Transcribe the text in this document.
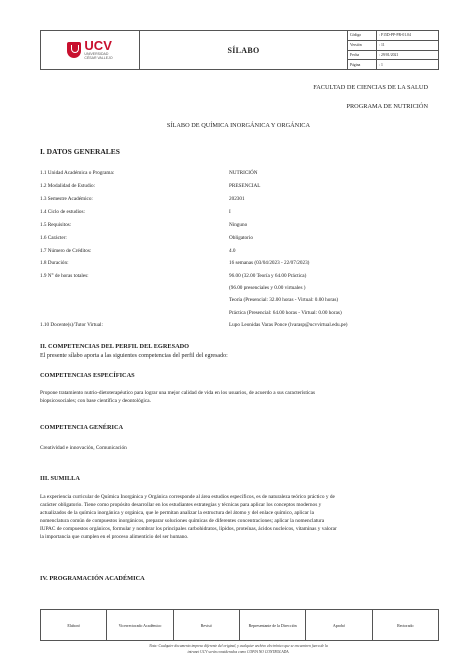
UCV
UNIVERSIDAD
CÉSAR VALLEJO
SÍLABO
Código	: F15D-PP-PR-01.04
Versión	: 11
Fecha	: 29/01/2021
Página	: 1
FACULTAD DE CIENCIAS DE LA SALUD
PROGRAMA DE NUTRICIÓN
SÍLABO DE QUÍMICA INORGÁNICA Y ORGÁNICA
I. DATOS GENERALES
1.1 Unidad Académica o Programa:	NUTRICIÓN
1.2 Modalidad de Estudio:	PRESENCIAL
1.3 Semestre Académico:	202301
1.4 Ciclo de estudios:	I
1.5 Requisitos:	Ninguno
1.6 Carácter:	Obligatorio
1.7 Número de Créditos:	4.0
1.8 Duración:	16 semanas (03/04/2023 - 22/07/2023)
1.9 N° de horas totales:	96.00 (32.00 Teoría y 64.00 Práctica)
(96.00 presenciales y 0.00 virtuales )
Teoría (Presencial: 32.00 horas - Virtual: 0.00 horas)
Práctica (Presencial: 64.00 horas - Virtual: 0.00 horas)
1.10 Docente(s)/Tutor Virtual:	Lupo Leonidas Varas Ponce (lvarasp@ucvvirtual.edu.pe)
II. COMPETENCIAS DEL PERFIL DEL EGRESADO
El presente sílabo aporta a las siguientes competencias del perfil del egresado:
COMPETENCIAS ESPECÍFICAS
Propone tratamiento nutrio-dietoterapéutico para lograr una mejor calidad de vida en los usuarios, de acuerdo a sus características
biopsicosociales; con base científica y deontológica.
COMPETENCIA GENÉRICA
Creatividad e innovación, Comunicación
III. SUMILLA
La experiencia curricular de Química Inorgánica y Orgánica corresponde al área estudios específicos, es de naturaleza teórico práctico y de
carácter obligatorio. Tiene como propósito desarrollar en los estudiantes estrategias y técnicas para aplicar los conceptos modernos y
actualizados de la química inorgánica y orgánica, que le permitan analizar la estructura del átomo y del enlace químico, aplicar la
nomenclatura común de compuestos inorgánicos, preparar soluciones químicas de diferentes concentraciones; aplicar la nomenclatura
IUPAC de compuestos orgánicos, formular y nombrar los principales carbohidratos, lípidos, proteínas, ácidos nucleicos, vitaminas y valorar
la importancia que cumplen en el proceso alimenticio del ser humano.
IV. PROGRAMACIÓN ACADÉMICA
Elaboró	Vicerrectorado Académico	Revisó	Representante de la Dirección	Aprobó	Rectorado
Nota: Cualquier documento impreso diferente del original, y cualquier archivo electrónico que se encuentren fuera de la
intranet UCV serán considerados como COPIA NO CONTROLADA.
